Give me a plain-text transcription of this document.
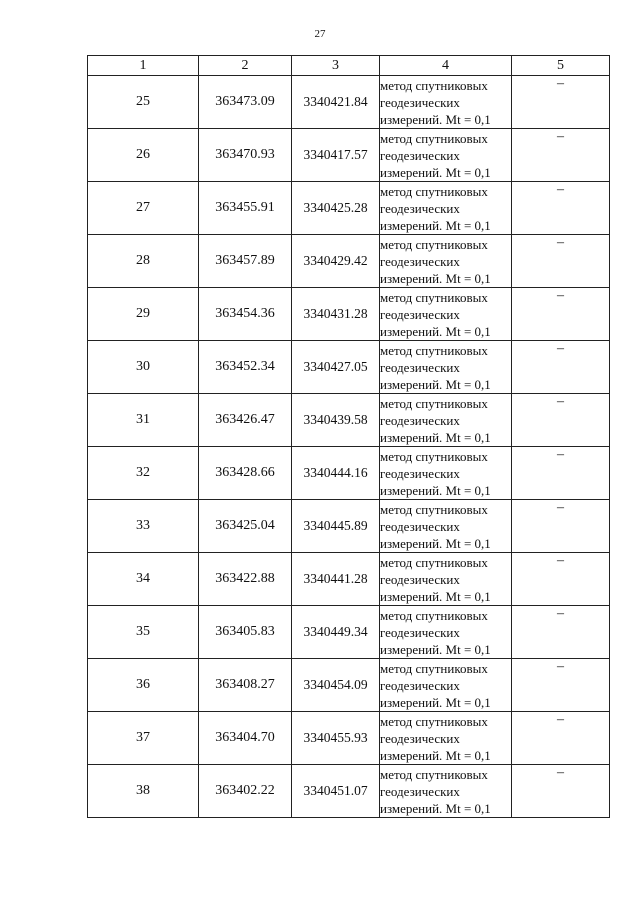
27
1	2	3	4	5
25	363473.09	3340421.84	метод спутниковых
геодезических
измерений. Mt = 0,1	–
26	363470.93	3340417.57	метод спутниковых
геодезических
измерений. Mt = 0,1	–
27	363455.91	3340425.28	метод спутниковых
геодезических
измерений. Mt = 0,1	–
28	363457.89	3340429.42	метод спутниковых
геодезических
измерений. Mt = 0,1	–
29	363454.36	3340431.28	метод спутниковых
геодезических
измерений. Mt = 0,1	–
30	363452.34	3340427.05	метод спутниковых
геодезических
измерений. Mt = 0,1	–
31	363426.47	3340439.58	метод спутниковых
геодезических
измерений. Mt = 0,1	–
32	363428.66	3340444.16	метод спутниковых
геодезических
измерений. Mt = 0,1	–
33	363425.04	3340445.89	метод спутниковых
геодезических
измерений. Mt = 0,1	–
34	363422.88	3340441.28	метод спутниковых
геодезических
измерений. Mt = 0,1	–
35	363405.83	3340449.34	метод спутниковых
геодезических
измерений. Mt = 0,1	–
36	363408.27	3340454.09	метод спутниковых
геодезических
измерений. Mt = 0,1	–
37	363404.70	3340455.93	метод спутниковых
геодезических
измерений. Mt = 0,1	–
38	363402.22	3340451.07	метод спутниковых
геодезических
измерений. Mt = 0,1	–
